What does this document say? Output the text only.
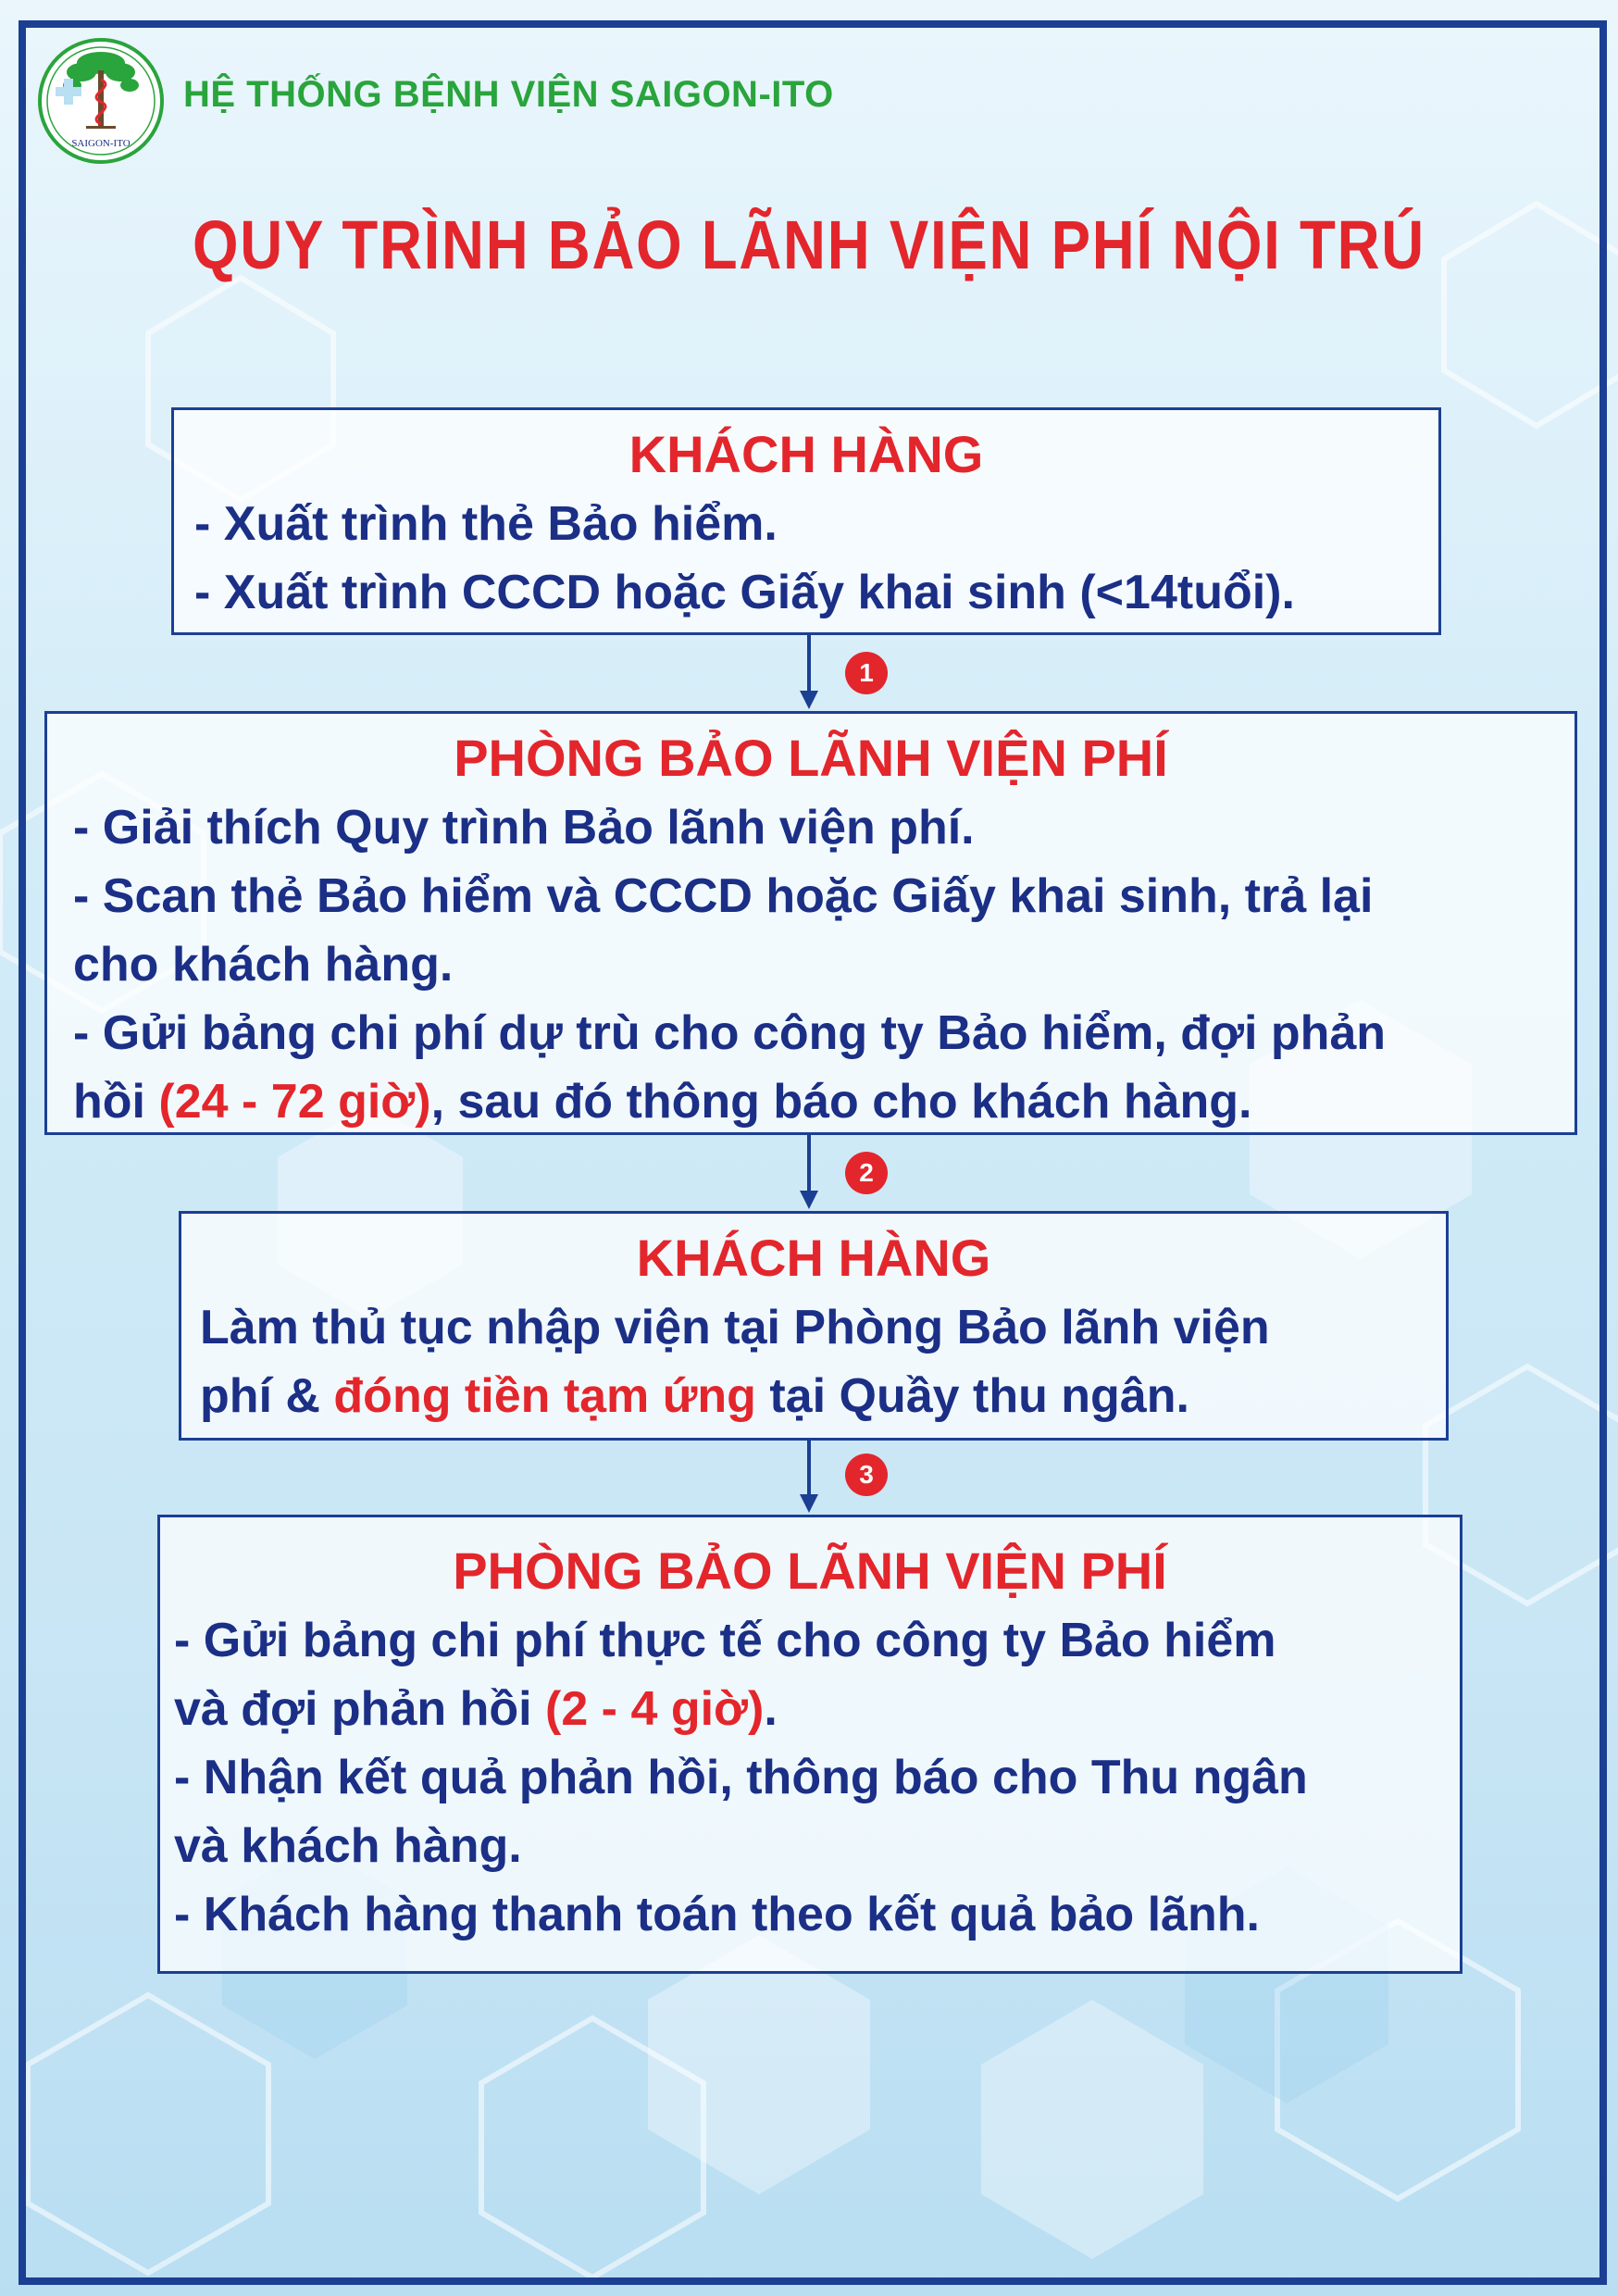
SAIGON-ITO
HỆ THỐNG BỆNH VIỆN SAIGON-ITO
QUY TRÌNH BẢO LÃNH VIỆN PHÍ NỘI TRÚ
KHÁCH HÀNG
- Xuất trình thẻ Bảo hiểm.
- Xuất trình CCCD hoặc Giấy khai sinh (<14tuổi).
1
PHÒNG BẢO LÃNH VIỆN PHÍ
- Giải thích Quy trình Bảo lãnh viện phí.
- Scan thẻ Bảo hiểm và CCCD hoặc Giấy khai sinh, trả lại
cho khách hàng.
- Gửi bảng chi phí dự trù cho công ty Bảo hiểm, đợi phản
hồi (24 - 72 giờ), sau đó thông báo cho khách hàng.
2
KHÁCH HÀNG
Làm thủ tục nhập viện tại Phòng Bảo lãnh viện
phí & đóng tiền tạm ứng tại Quầy thu ngân.
3
PHÒNG BẢO LÃNH VIỆN PHÍ
- Gửi bảng chi phí thực tế cho công ty Bảo hiểm
và đợi phản hồi (2 - 4 giờ).
- Nhận kết quả phản hồi, thông báo cho Thu ngân
và khách hàng.
- Khách hàng thanh toán theo kết quả bảo lãnh.
